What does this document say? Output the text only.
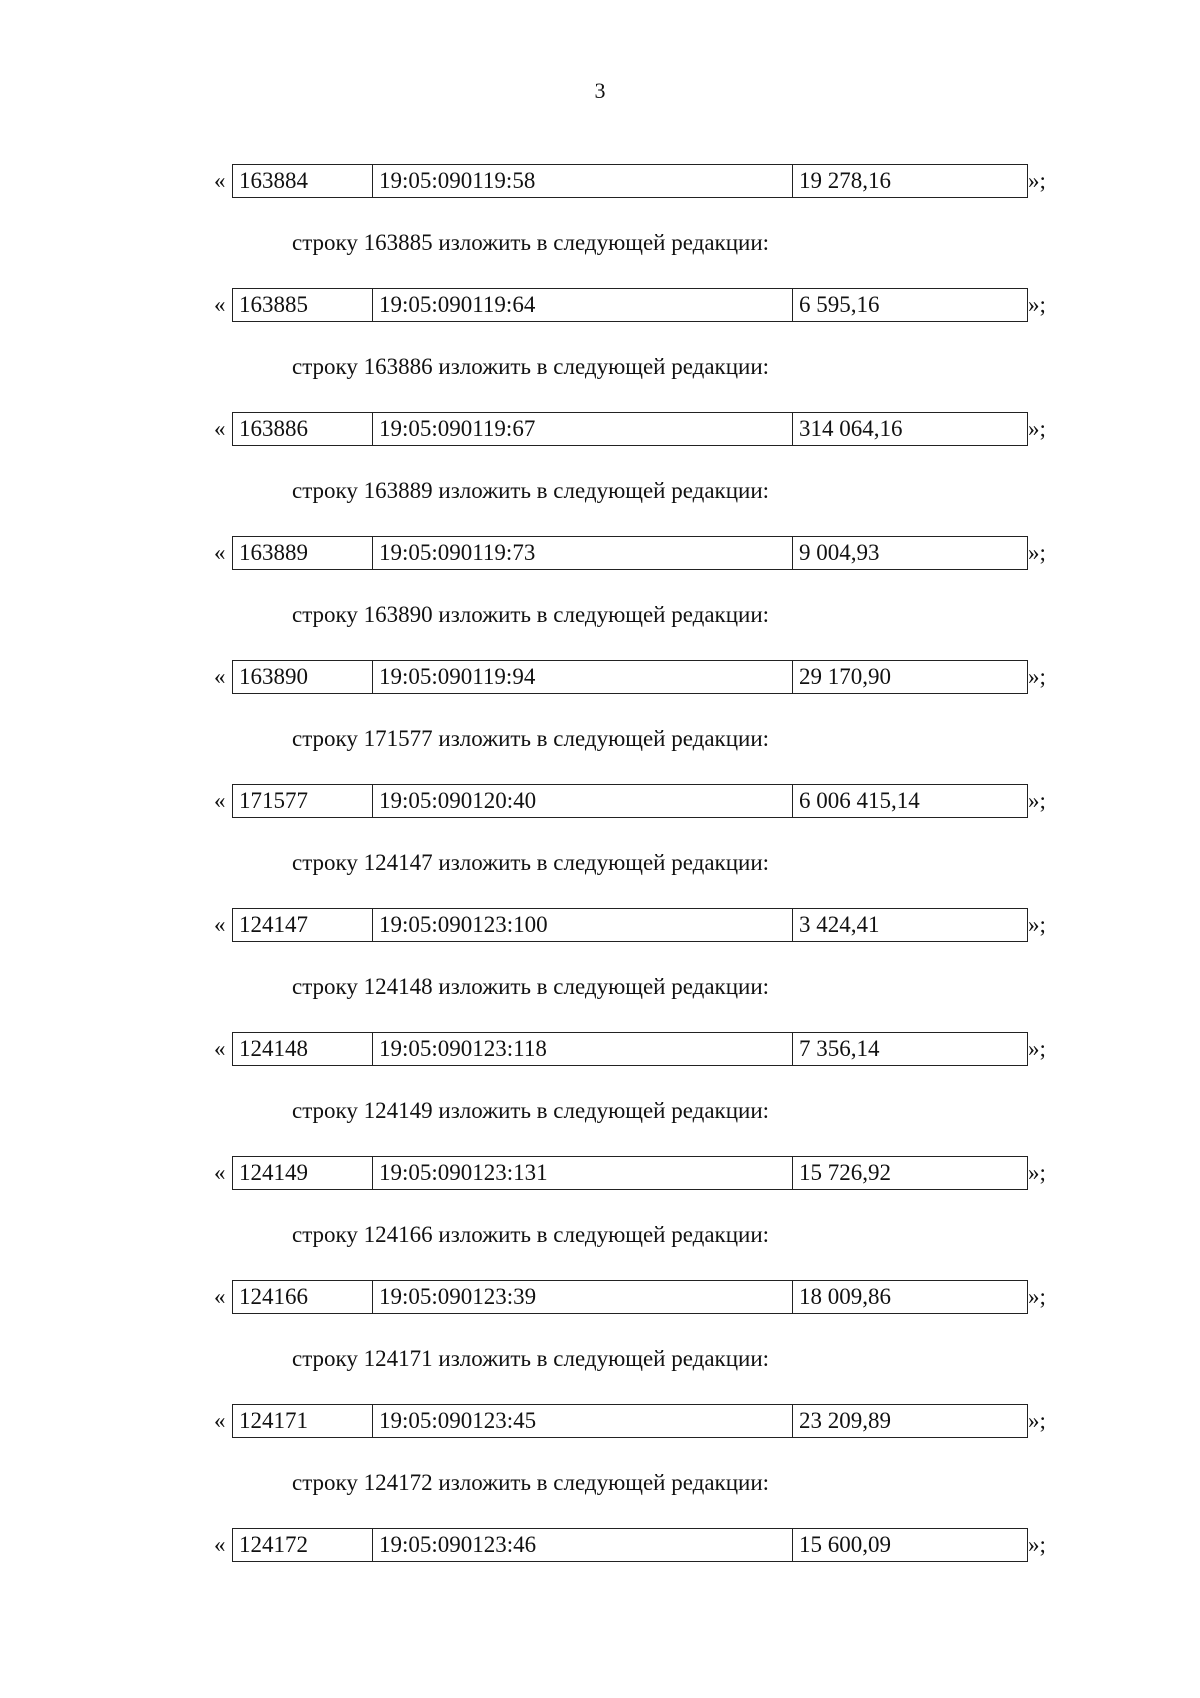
3
« 163884	19:05:090119:58	19 278,16	»;
строку 163885 изложить в следующей редакции:
« 163885	19:05:090119:64	6 595,16	»;
строку 163886 изложить в следующей редакции:
« 163886	19:05:090119:67	314 064,16	»;
строку 163889 изложить в следующей редакции:
« 163889	19:05:090119:73	9 004,93	»;
строку 163890 изложить в следующей редакции:
« 163890	19:05:090119:94	29 170,90	»;
строку 171577 изложить в следующей редакции:
« 171577	19:05:090120:40	6 006 415,14	»;
строку 124147 изложить в следующей редакции:
« 124147	19:05:090123:100	3 424,41	»;
строку 124148 изложить в следующей редакции:
« 124148	19:05:090123:118	7 356,14	»;
строку 124149 изложить в следующей редакции:
« 124149	19:05:090123:131	15 726,92	»;
строку 124166 изложить в следующей редакции:
« 124166	19:05:090123:39	18 009,86	»;
строку 124171 изложить в следующей редакции:
« 124171	19:05:090123:45	23 209,89	»;
строку 124172 изложить в следующей редакции:
« 124172	19:05:090123:46	15 600,09	»;
